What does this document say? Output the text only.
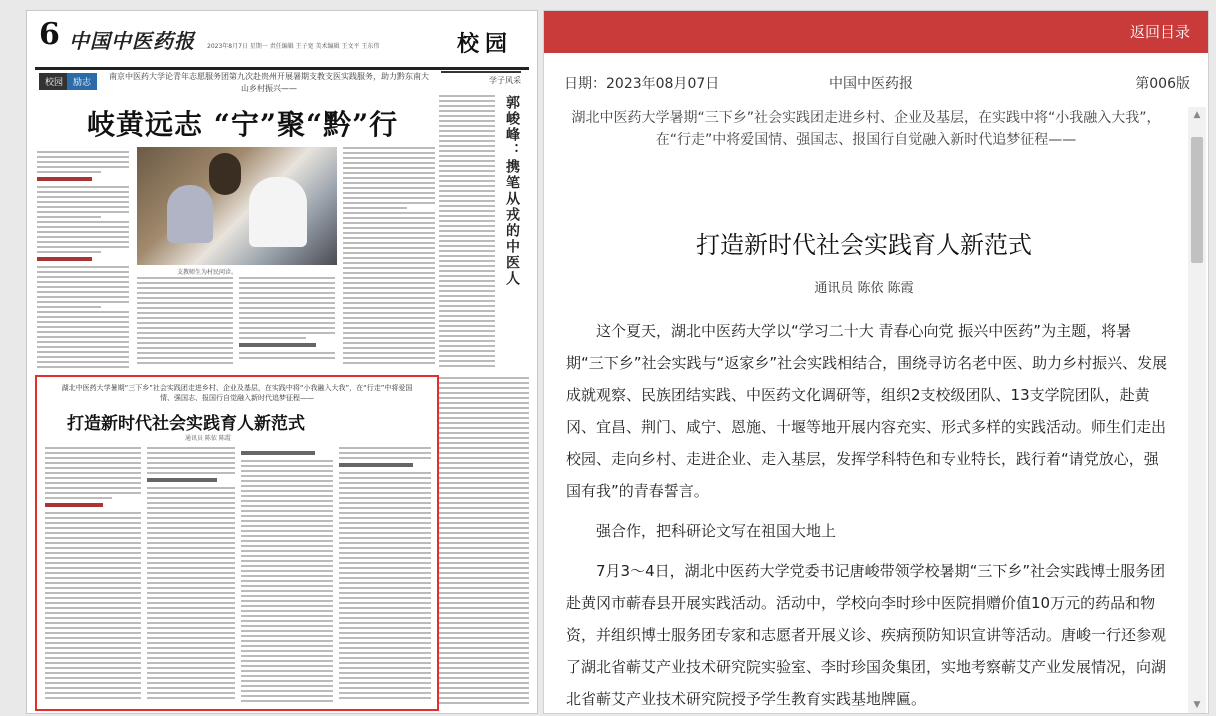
6 中国中医药报 2023年8月7日 星期一 责任编辑 王子宽 美术编辑 王文平 王东伟	校园
校园	励志
南京中医药大学论青年志愿服务团第九次赴贵州开展暑期支教支医实践服务，助力黔东南大山乡村振兴——
岐黄远志 “宁”聚“黔”行
支教师生为村民问诊。
学子风采
郭峻峰：携笔从戎的中医人
湖北中医药大学暑期“三下乡”社会实践团走进乡村、企业及基层，在实践中将“小我融入大我”，在“行走”中将爱国情、强国志、报国行自觉融入新时代追梦征程——
打造新时代社会实践育人新范式
通讯员 陈依 陈霞
返回目录
日期：2023年08月07日	中国中医药报	第006版
湖北中医药大学暑期“三下乡”社会实践团走进乡村、企业及基层，在实践中将“小我融入大我”，在“行走”中将爱国情、强国志、报国行自觉融入新时代追梦征程——
打造新时代社会实践育人新范式
通讯员 陈依 陈霞

这个夏天，湖北中医药大学以“学习二十大 青春心向党 振兴中医药”为主题，将暑期“三下乡”社会实践与“返家乡”社会实践相结合，围绕寻访名老中医、助力乡村振兴、发展成就观察、民族团结实践、中医药文化调研等，组织2支校级团队、13支学院团队，赴黄冈、宜昌、荆门、咸宁、恩施、十堰等地开展内容充实、形式多样的实践活动。师生们走出校园、走向乡村、走进企业、走入基层，发挥学科特色和专业特长，践行着“请党放心，强国有我”的青春誓言。

强合作，把科研论文写在祖国大地上

7月3～4日，湖北中医药大学党委书记唐峻带领学校暑期“三下乡”社会实践博士服务团赴黄冈市蕲春县开展实践活动。活动中，学校向李时珍中医院捐赠价值10万元的药品和物资，并组织博士服务团专家和志愿者开展义诊、疾病预防知识宣讲等活动。唐峻一行还参观了湖北省蕲艾产业技术研究院实验室、李时珍国灸集团，实地考察蕲艾产业发展情况，向湖北省蕲艾产业技术研究院授予学生教育实践基地牌匾。

▲
▼
